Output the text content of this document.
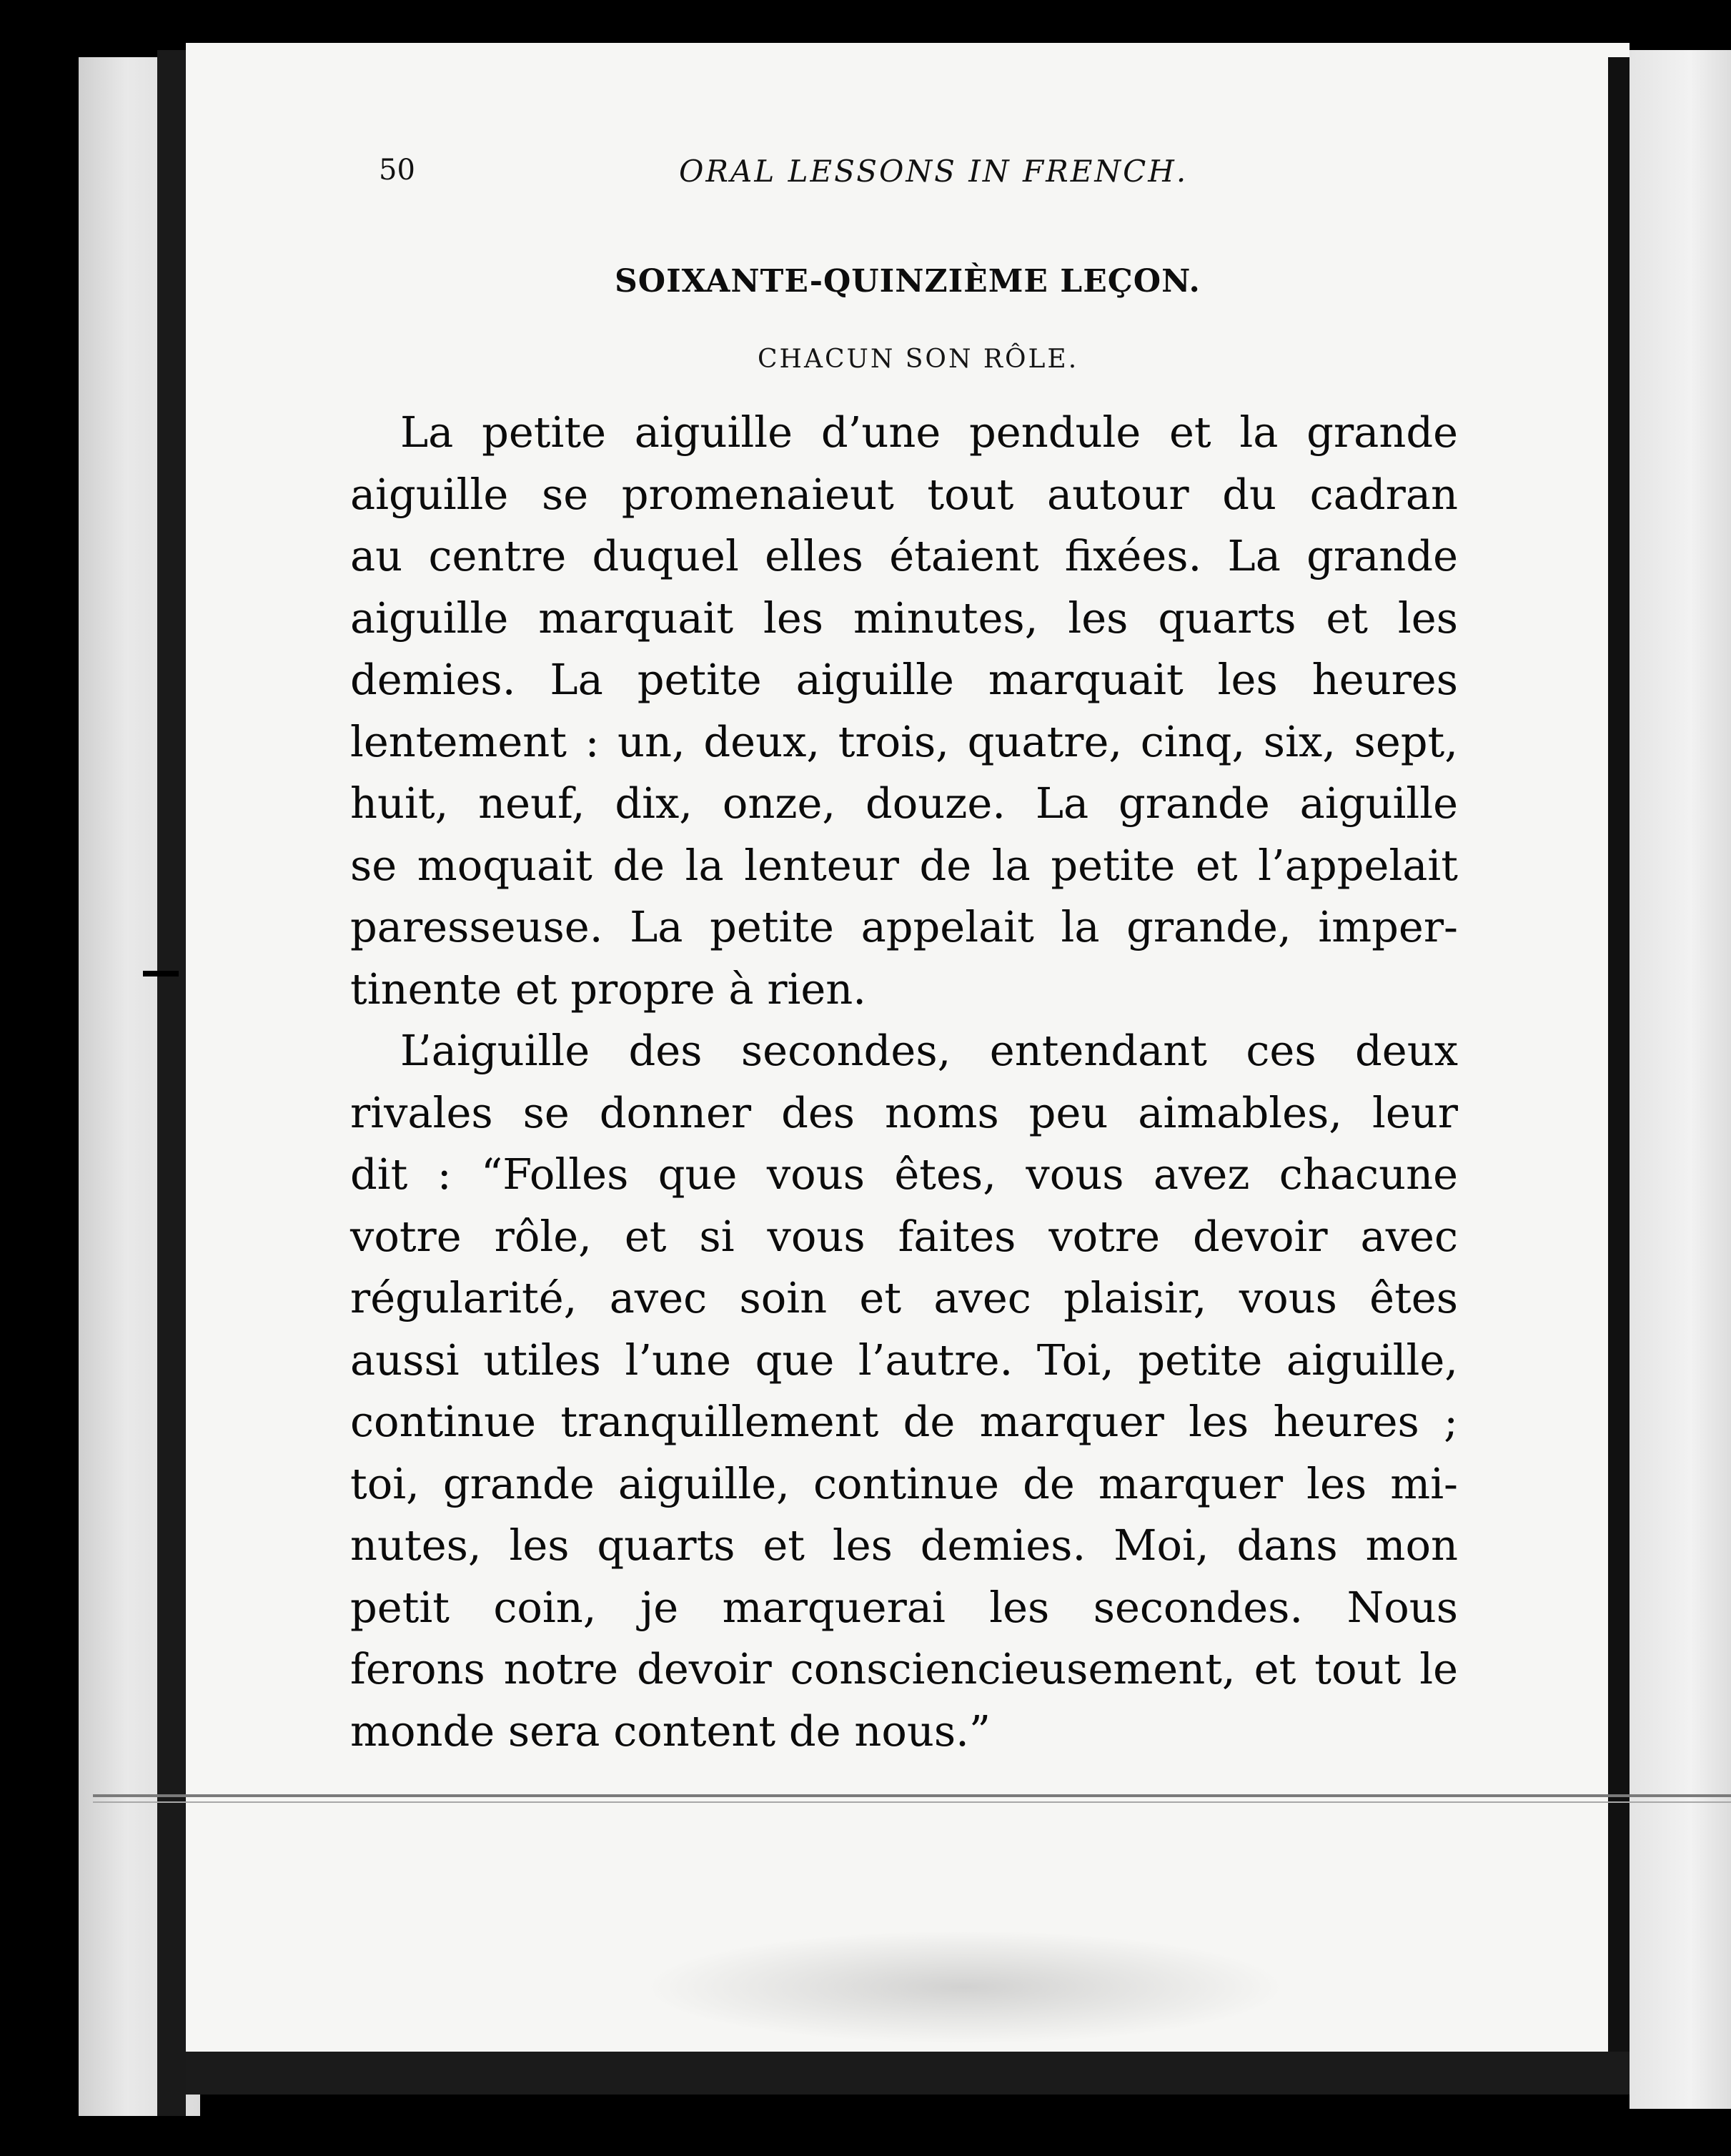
50	ORAL LESSONS IN FRENCH.
SOIXANTE-QUINZIÈME LEÇON.
CHACUN SON RÔLE.
La petite aiguille d’une pendule et la grande
aiguille se promenaieut tout autour du cadran
au centre duquel elles étaient fixées. La grande
aiguille marquait les minutes, les quarts et les
demies. La petite aiguille marquait les heures
lentement : un, deux, trois, quatre, cinq, six, sept,
huit, neuf, dix, onze, douze. La grande aiguille
se moquait de la lenteur de la petite et l’appelait
paresseuse. La petite appelait la grande, imper-
tinente et propre à rien.
L’aiguille des secondes, entendant ces deux
rivales se donner des noms peu aimables, leur
dit : “Folles que vous êtes, vous avez chacune
votre rôle, et si vous faites votre devoir avec
régularité, avec soin et avec plaisir, vous êtes
aussi utiles l’une que l’autre. Toi, petite aiguille,
continue tranquillement de marquer les heures ;
toi, grande aiguille, continue de marquer les mi-
nutes, les quarts et les demies. Moi, dans mon
petit coin, je marquerai les secondes. Nous
ferons notre devoir consciencieusement, et tout le
monde sera content de nous.”
